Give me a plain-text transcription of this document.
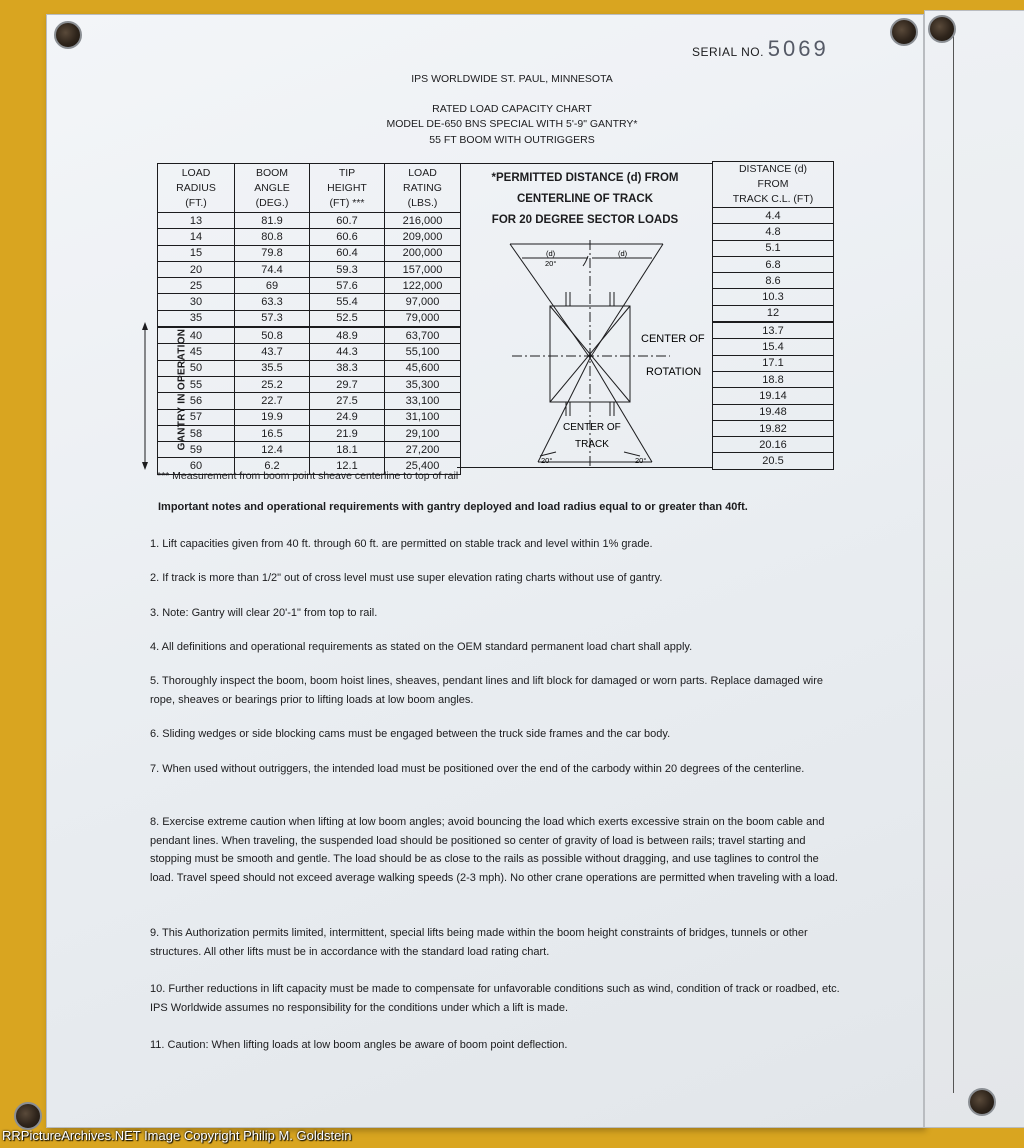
SERIAL NO. 5069
IPS WORLDWIDE ST. PAUL, MINNESOTA
RATED LOAD CAPACITY CHART
MODEL DE-650 BNS SPECIAL WITH 5'-9" GANTRY*
55 FT BOOM WITH OUTRIGGERS
LOAD
RADIUS
(FT.)	BOOM
ANGLE
(DEG.)	TIP
HEIGHT
(FT) ***	LOAD
RATING
(LBS.)
13	81.9	60.7	216,000
14	80.8	60.6	209,000
15	79.8	60.4	200,000
20	74.4	59.3	157,000
25	69	57.6	122,000
30	63.3	55.4	97,000
35	57.3	52.5	79,000
40	50.8	48.9	63,700
45	43.7	44.3	55,100
50	35.5	38.3	45,600
55	25.2	29.7	35,300
56	22.7	27.5	33,100
57	19.9	24.9	31,100
58	16.5	21.9	29,100
59	12.4	18.1	27,200
60	6.2	12.1	25,400
*PERMITTED DISTANCE (d) FROM
CENTERLINE OF TRACK
FOR 20 DEGREE SECTOR LOADS
(d)	(d)
20°
20°	20°
CENTER OF
ROTATION
CENTER OF
TRACK
DISTANCE (d)
FROM
TRACK C.L. (FT)
4.4
4.8
5.1
6.8
8.6
10.3
12
13.7
15.4
17.1
18.8
19.14
19.48
19.82
20.16
20.5
GANTRY IN OPERATION
*** Measurement from boom point sheave centerline to top of rail
Important notes and operational requirements with gantry deployed and load radius equal to or greater than 40ft.
1. Lift capacities given from 40 ft. through 60 ft. are permitted on stable track and level within 1% grade.
2. If track is more than 1/2" out of cross level must use super elevation rating charts without use of gantry.
3. Note: Gantry will clear 20'-1" from top to rail.
4. All definitions and operational requirements as stated on the OEM standard permanent load chart shall apply.
5. Thoroughly inspect the boom, boom hoist lines, sheaves, pendant lines and lift block for damaged or worn parts. Replace damaged wire rope, sheaves or bearings prior to lifting loads at low boom angles.
6. Sliding wedges or side blocking cams must be engaged between the truck side frames and the car body.
7. When used without outriggers, the intended load must be positioned over the end of the carbody within 20 degrees of the centerline.
8. Exercise extreme caution when lifting at low boom angles; avoid bouncing the load which exerts excessive strain on the boom cable and pendant lines. When traveling, the suspended load should be positioned so center of gravity of load is between rails; travel starting and stopping must be smooth and gentle. The load should be as close to the rails as possible without dragging, and use taglines to control the load. Travel speed should not exceed average walking speeds (2-3 mph). No other crane operations are permitted when traveling with a load.
9. This Authorization permits limited, intermittent, special lifts being made within the boom height constraints of bridges, tunnels or other structures. All other lifts must be in accordance with the standard load rating chart.
10. Further reductions in lift capacity must be made to compensate for unfavorable conditions such as wind, condition of track or roadbed, etc. IPS Worldwide assumes no responsibility for the conditions under which a lift is made.
11. Caution: When lifting loads at low boom angles be aware of boom point deflection.
RRPictureArchives.NET Image Copyright Philip M. Goldstein
